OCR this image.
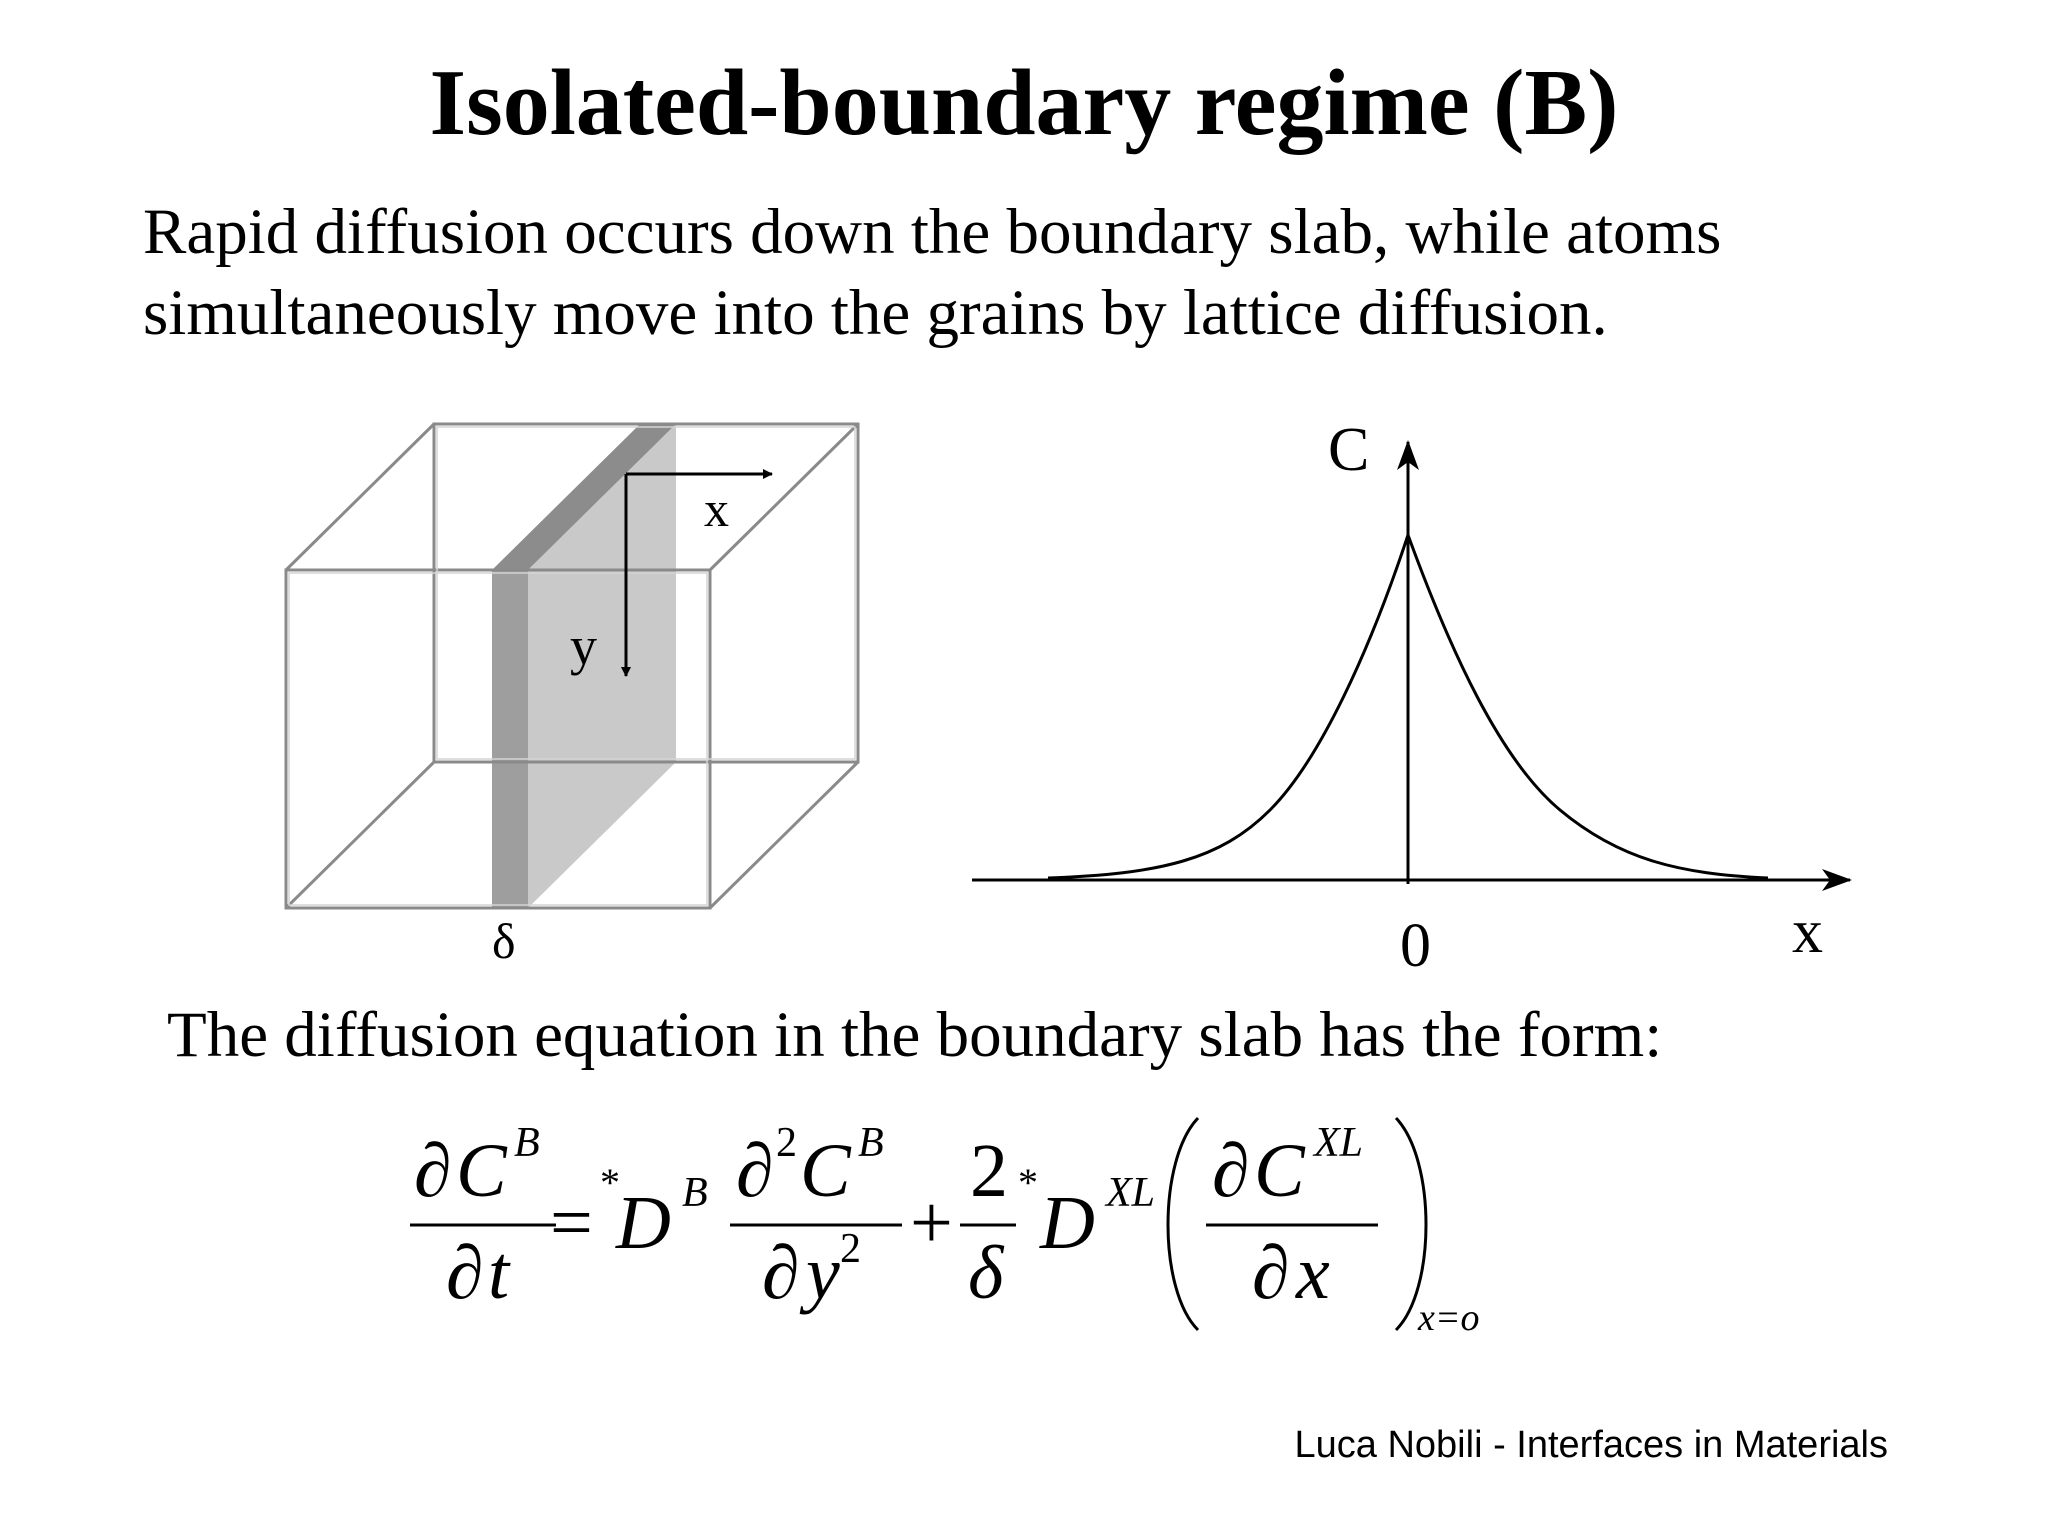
Isolated-boundary regime (B)
Rapid diffusion occurs down the boundary slab, while atoms
simultaneously move into the grains by lattice diffusion.
x
y
δ
C
0	x
∂ C B
∂ t
= *
D B ∂ 2 C B
∂ y 2 +
2
δ
* D XL ∂ C XL
∂ x
x=o
The diffusion equation in the boundary slab has the form:
Luca Nobili - Interfaces in Materials
